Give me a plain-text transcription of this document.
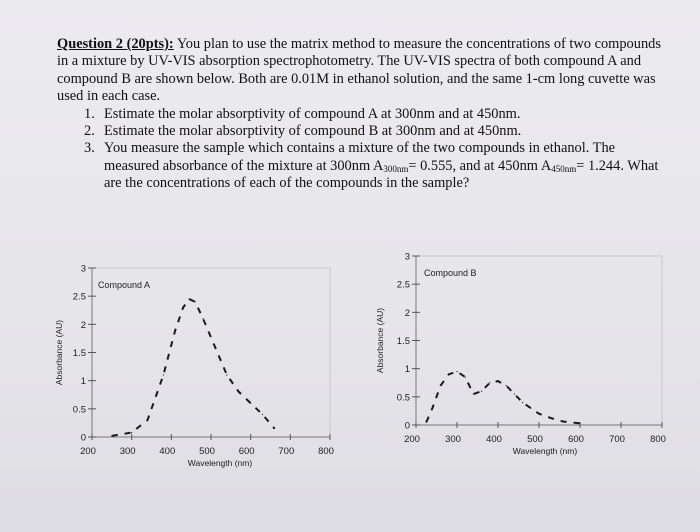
Question 2 (20pts): You plan to use the matrix method to measure the concentrations of two compounds in a mixture by UV-VIS absorption spectrophotometry. The UV-VIS spectra of both compound A and compound B are shown below. Both are 0.01M in ethanol solution, and the same 1-cm long cuvette was used in each case.
1. Estimate the molar absorptivity of compound A at 300nm and at 450nm.
2. Estimate the molar absorptivity of compound B at 300nm and at 450nm.
3. You measure the sample which contains a mixture of the two compounds in ethanol. The measured absorbance of the mixture at 300nm $A_{300nm}= 0.555$, and at 450nm $A_{450nm}= 1.244$. What are the concentrations of each of the compounds in the sample?
0
0.5
1
1.5
2
2.5
3
200	300	400	500	600	700	800
Wavelength (nm)
Absorbance (AU)
Compound A
0
0.5
1
1.5
2
2.5
3
200	300	400	500	600	700	800
Wavelength (nm)
Absorbance (AU)
Compound B
